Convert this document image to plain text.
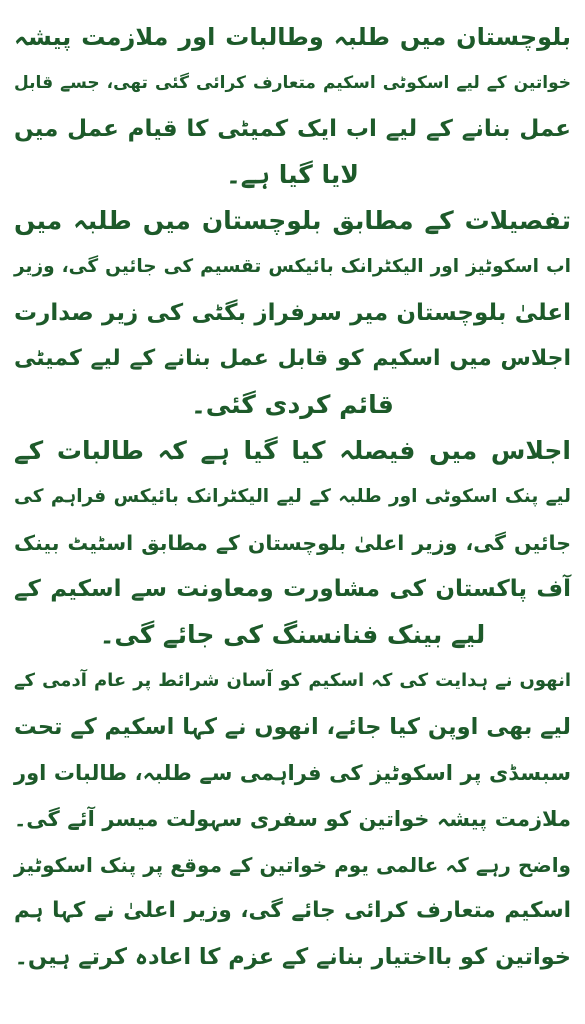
بلوچستان میں طلبہ وطالبات اور ملازمت پیشہ
خواتین کے لیے اسکوٹی اسکیم متعارف کرائی گئی تھی، جسے قابل
عمل بنانے کے لیے اب ایک کمیٹی کا قیام عمل میں
لایا گیا ہے۔
تفصیلات کے مطابق بلوچستان میں طلبہ میں
اب اسکوٹیز اور الیکٹرانک بائیکس تقسیم کی جائیں گی، وزیر
اعلیٰ بلوچستان میر سرفراز بگٹی کی زیر صدارت
اجلاس میں اسکیم کو قابل عمل بنانے کے لیے کمیٹی
قائم کردی گئی۔
اجلاس میں فیصلہ کیا گیا ہے کہ طالبات کے
لیے پنک اسکوٹی اور طلبہ کے لیے الیکٹرانک بائیکس فراہم کی
جائیں گی، وزیر اعلیٰ بلوچستان کے مطابق اسٹیٹ بینک
آف پاکستان کی مشاورت ومعاونت سے اسکیم کے
لیے بینک فنانسنگ کی جائے گی۔
انھوں نے ہدایت کی کہ اسکیم کو آسان شرائط پر عام آدمی کے
لیے بھی اوپن کیا جائے، انھوں نے کہا اسکیم کے تحت
سبسڈی پر اسکوٹیز کی فراہمی سے طلبہ، طالبات اور
ملازمت پیشہ خواتین کو سفری سہولت میسر آئے گی۔
واضح رہے کہ عالمی یوم خواتین کے موقع پر پنک اسکوٹیز
اسکیم متعارف کرائی جائے گی، وزیر اعلیٰ نے کہا ہم
خواتین کو بااختیار بنانے کے عزم کا اعادہ کرتے ہیں۔
